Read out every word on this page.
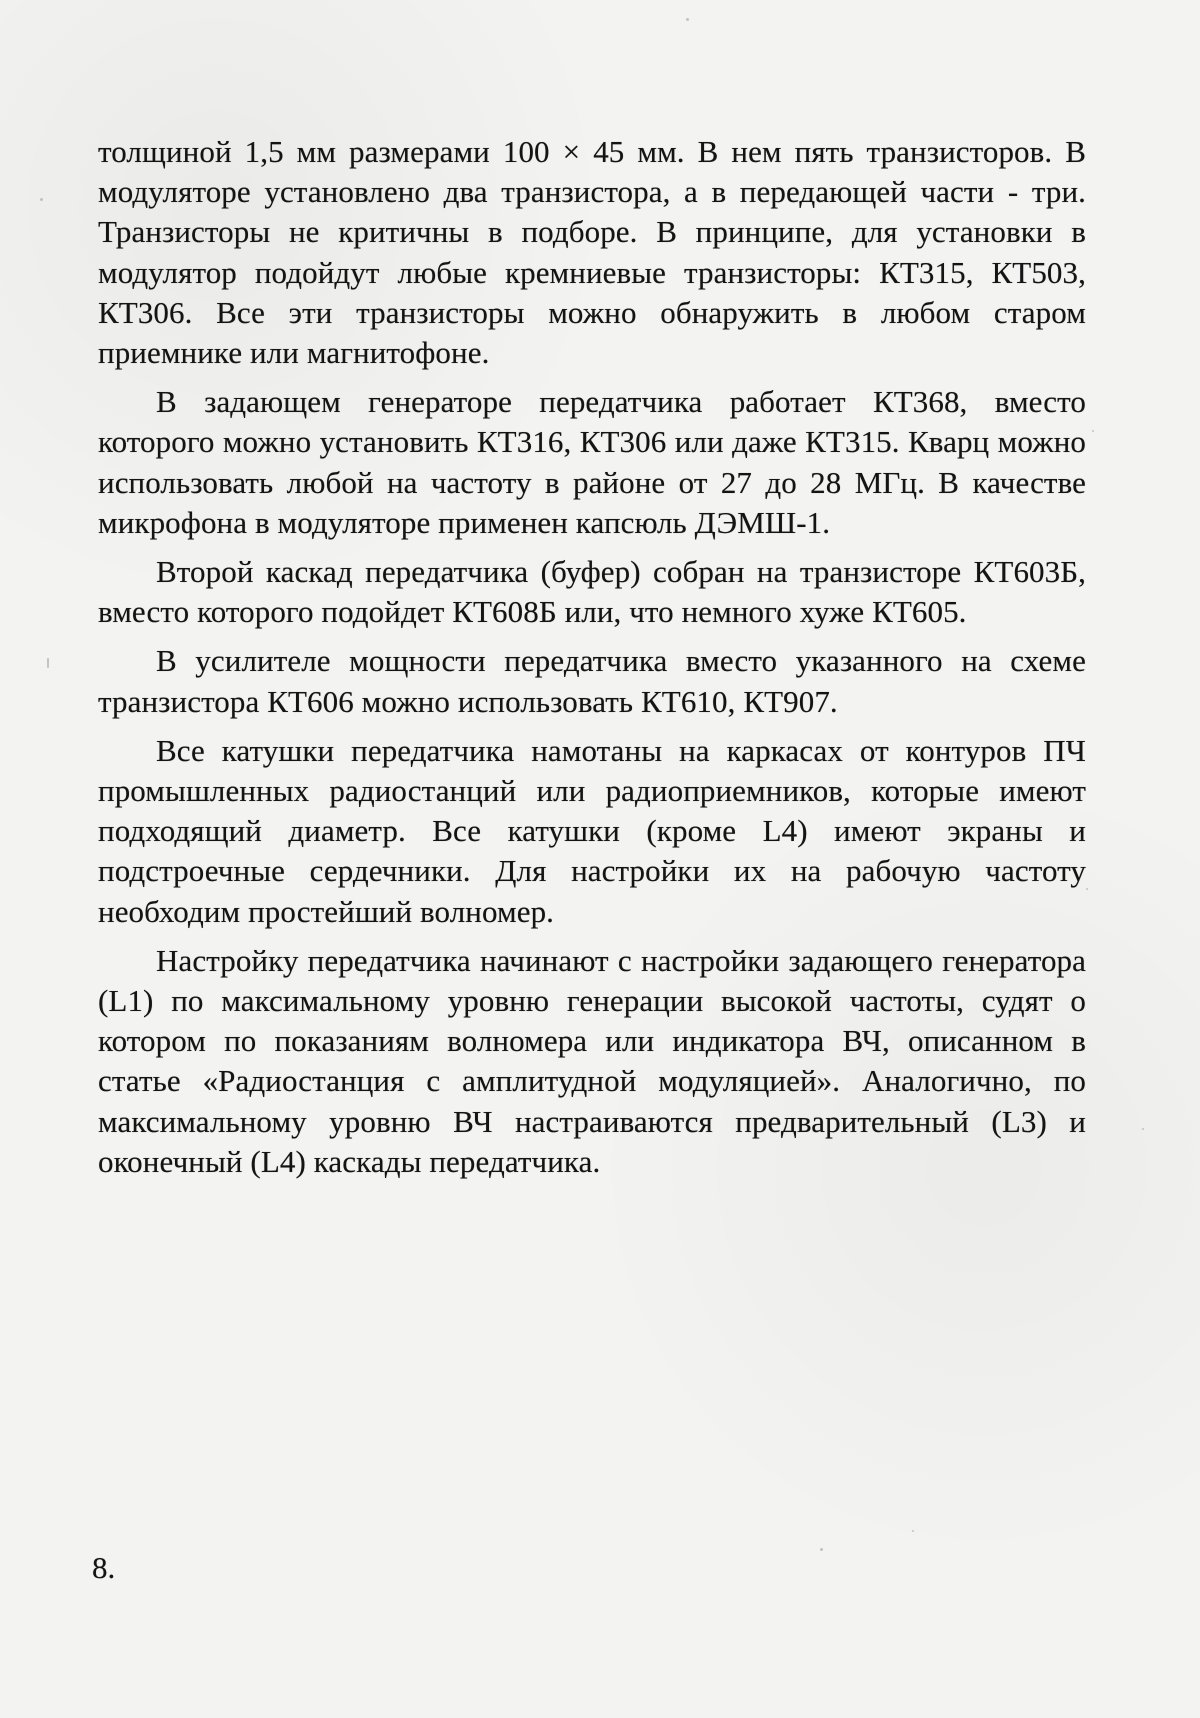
толщиной 1,5 мм размерами 100 × 45 мм. В нем пять транзисторов. В модуляторе установлено два транзистора, а в передающей части - три. Транзисторы не критичны в подборе. В принципе, для установки в модулятор подойдут любые кремниевые транзисторы: КТ315, КТ503, КТ306. Все эти транзисторы можно обнаружить в любом старом приемнике или магнитофоне.

В задающем генераторе передатчика работает КТ368, вместо которого можно установить КТ316, КТ306 или даже КТ315. Кварц можно использовать любой на частоту в районе от 27 до 28 МГц. В качестве микрофона в модуляторе применен капсюль ДЭМШ-1.

Второй каскад передатчика (буфер) собран на транзисторе КТ603Б, вместо которого подойдет КТ608Б или, что немного хуже КТ605.

В усилителе мощности передатчика вместо указанного на схеме транзистора КТ606 можно использовать КТ610, КТ907.

Все катушки передатчика намотаны на каркасах от контуров ПЧ промышленных радиостанций или радиоприемников, которые имеют подходящий диаметр. Все катушки (кроме L4) имеют экраны и подстроечные сердечники. Для настройки их на рабочую частоту необходим простейший волномер.

Настройку передатчика начинают с настройки задающего генератора (L1) по максимальному уровню генерации высокой частоты, судят о котором по показаниям волномера или индикатора ВЧ, описанном в статье «Радиостанция с амплитудной модуляцией». Аналогично, по максимальному уровню ВЧ настраиваются предварительный (L3) и оконечный (L4) каскады передатчика.

8.
